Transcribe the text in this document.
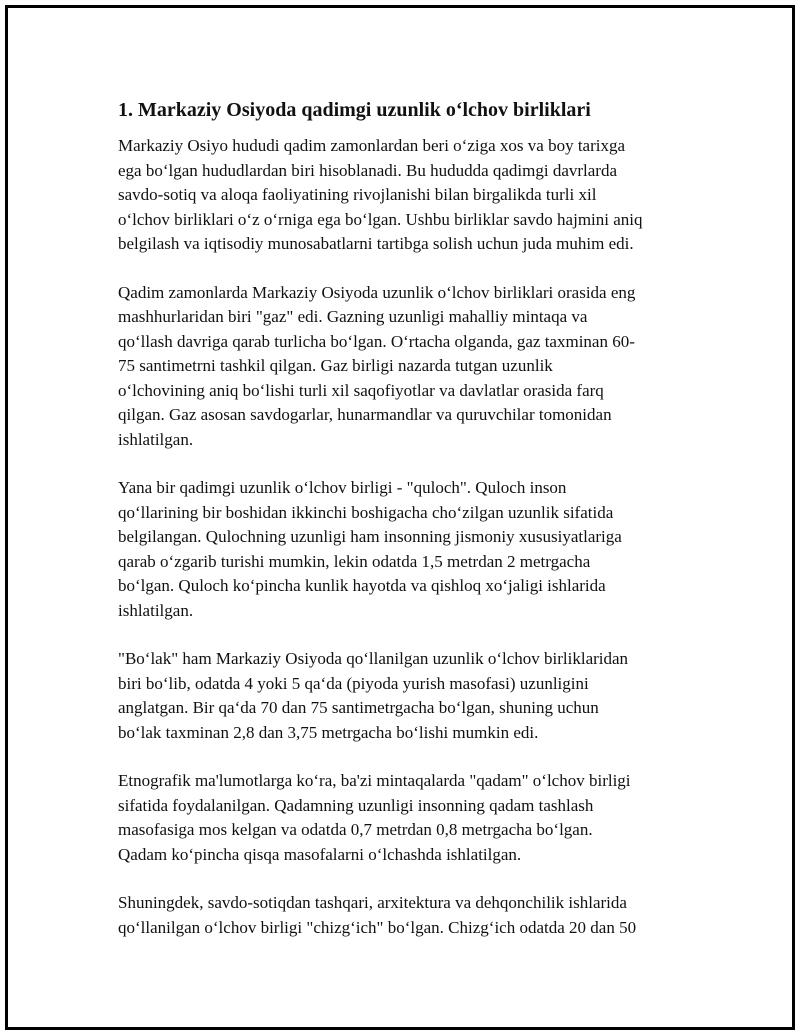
1. Markaziy Osiyoda qadimgi uzunlik oʻlchov birliklari
Markaziy Osiyo hududi qadim zamonlardan beri oʻziga xos va boy tarixga
ega boʻlgan hududlardan biri hisoblanadi. Bu hududda qadimgi davrlarda
savdo-sotiq va aloqa faoliyatining rivojlanishi bilan birgalikda turli xil
oʻlchov birliklari oʻz oʻrniga ega boʻlgan. Ushbu birliklar savdo hajmini aniq
belgilash va iqtisodiy munosabatlarni tartibga solish uchun juda muhim edi.
Qadim zamonlarda Markaziy Osiyoda uzunlik oʻlchov birliklari orasida eng
mashhurlaridan biri "gaz" edi. Gazning uzunligi mahalliy mintaqa va
qoʻllash davriga qarab turlicha boʻlgan. Oʻrtacha olganda, gaz taxminan 60-
75 santimetrni tashkil qilgan. Gaz birligi nazarda tutgan uzunlik
oʻlchovining aniq boʻlishi turli xil saqofiyotlar va davlatlar orasida farq
qilgan. Gaz asosan savdogarlar, hunarmandlar va quruvchilar tomonidan
ishlatilgan.
Yana bir qadimgi uzunlik oʻlchov birligi - "quloch". Quloch inson
qoʻllarining bir boshidan ikkinchi boshigacha choʻzilgan uzunlik sifatida
belgilangan. Qulochning uzunligi ham insonning jismoniy xususiyatlariga
qarab oʻzgarib turishi mumkin, lekin odatda 1,5 metrdan 2 metrgacha
boʻlgan. Quloch koʻpincha kunlik hayotda va qishloq xoʻjaligi ishlarida
ishlatilgan.
"Boʻlak" ham Markaziy Osiyoda qoʻllanilgan uzunlik oʻlchov birliklaridan
biri boʻlib, odatda 4 yoki 5 qaʻda (piyoda yurish masofasi) uzunligini
anglatgan. Bir qaʻda 70 dan 75 santimetrgacha boʻlgan, shuning uchun
boʻlak taxminan 2,8 dan 3,75 metrgacha boʻlishi mumkin edi.
Etnografik ma'lumotlarga koʻra, ba'zi mintaqalarda "qadam" oʻlchov birligi
sifatida foydalanilgan. Qadamning uzunligi insonning qadam tashlash
masofasiga mos kelgan va odatda 0,7 metrdan 0,8 metrgacha boʻlgan.
Qadam koʻpincha qisqa masofalarni oʻlchashda ishlatilgan.
Shuningdek, savdo-sotiqdan tashqari, arxitektura va dehqonchilik ishlarida
qoʻllanilgan oʻlchov birligi "chizgʻich" boʻlgan. Chizgʻich odatda 20 dan 50
